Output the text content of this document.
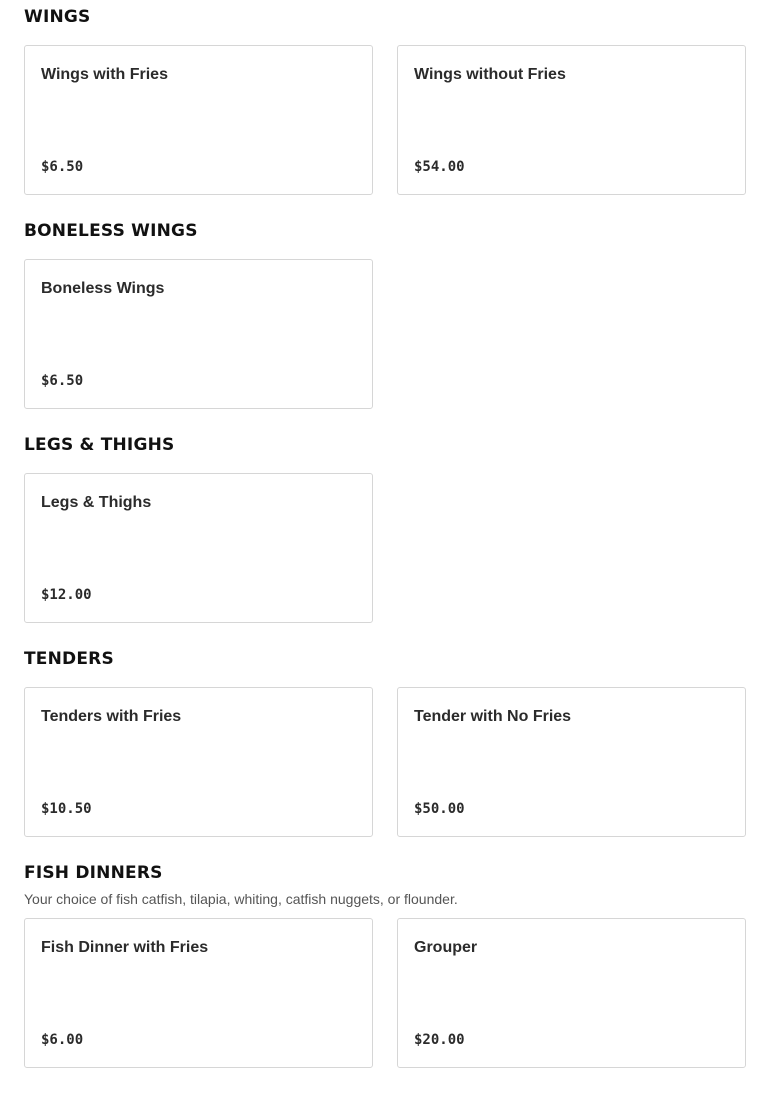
WINGS
Wings with Fries
$6.50
Wings without Fries
$54.00
BONELESS WINGS
Boneless Wings
$6.50
LEGS & THIGHS
Legs & Thighs
$12.00
TENDERS
Tenders with Fries
$10.50
Tender with No Fries
$50.00
FISH DINNERS

Your choice of fish catfish, tilapia, whiting, catfish nuggets, or flounder.

Fish Dinner with Fries
$6.00
Grouper
$20.00
